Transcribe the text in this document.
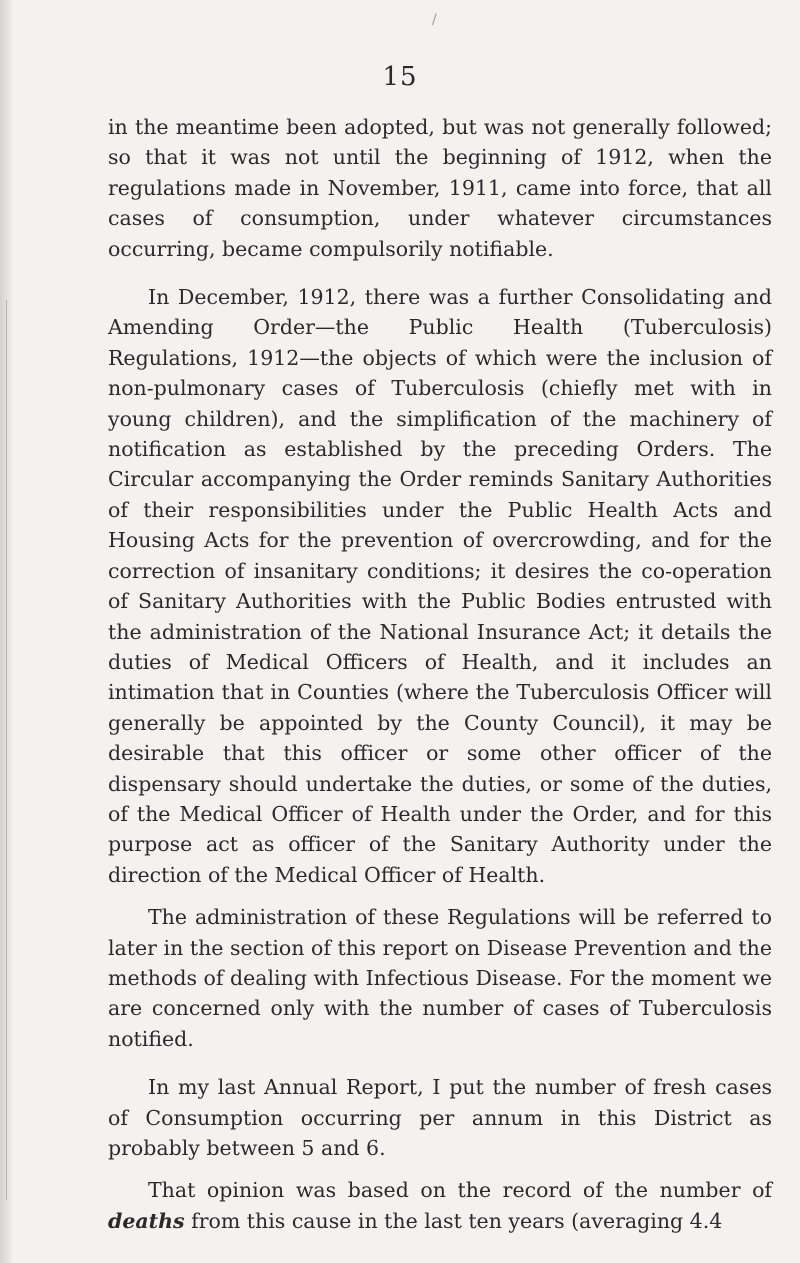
/
15

in the meantime been adopted, but was not generally followed; so that it was not until the beginning of 1912, when the regulations made in November, 1911, came into force, that all cases of consumption, under whatever circumstances occurring, became compulsorily notifiable.

In December, 1912, there was a further Consolidating and Amending Order—the Public Health (Tuberculosis) Regulations, 1912—the objects of which were the inclusion of non-pulmonary cases of Tuberculosis (chiefly met with in young children), and the simplification of the machinery of notification as established by the preceding Orders. The Circular accompanying the Order reminds Sanitary Authorities of their responsibilities under the Public Health Acts and Housing Acts for the prevention of overcrowding, and for the correction of insanitary conditions; it desires the co-operation of Sanitary Authorities with the Public Bodies entrusted with the administration of the National Insurance Act; it details the duties of Medical Officers of Health, and it includes an intimation that in Counties (where the Tuberculosis Officer will generally be appointed by the County Council), it may be desirable that this officer or some other officer of the dispensary should undertake the duties, or some of the duties, of the Medical Officer of Health under the Order, and for this purpose act as officer of the Sanitary Authority under the direction of the Medical Officer of Health.

The administration of these Regulations will be referred to later in the section of this report on Disease Prevention and the methods of dealing with Infectious Disease. For the moment we are concerned only with the number of cases of Tuberculosis notified.

In my last Annual Report, I put the number of fresh cases of Consumption occurring per annum in this District as probably between 5 and 6.

That opinion was based on the record of the number of deaths from this cause in the last ten years (averaging 4.4
